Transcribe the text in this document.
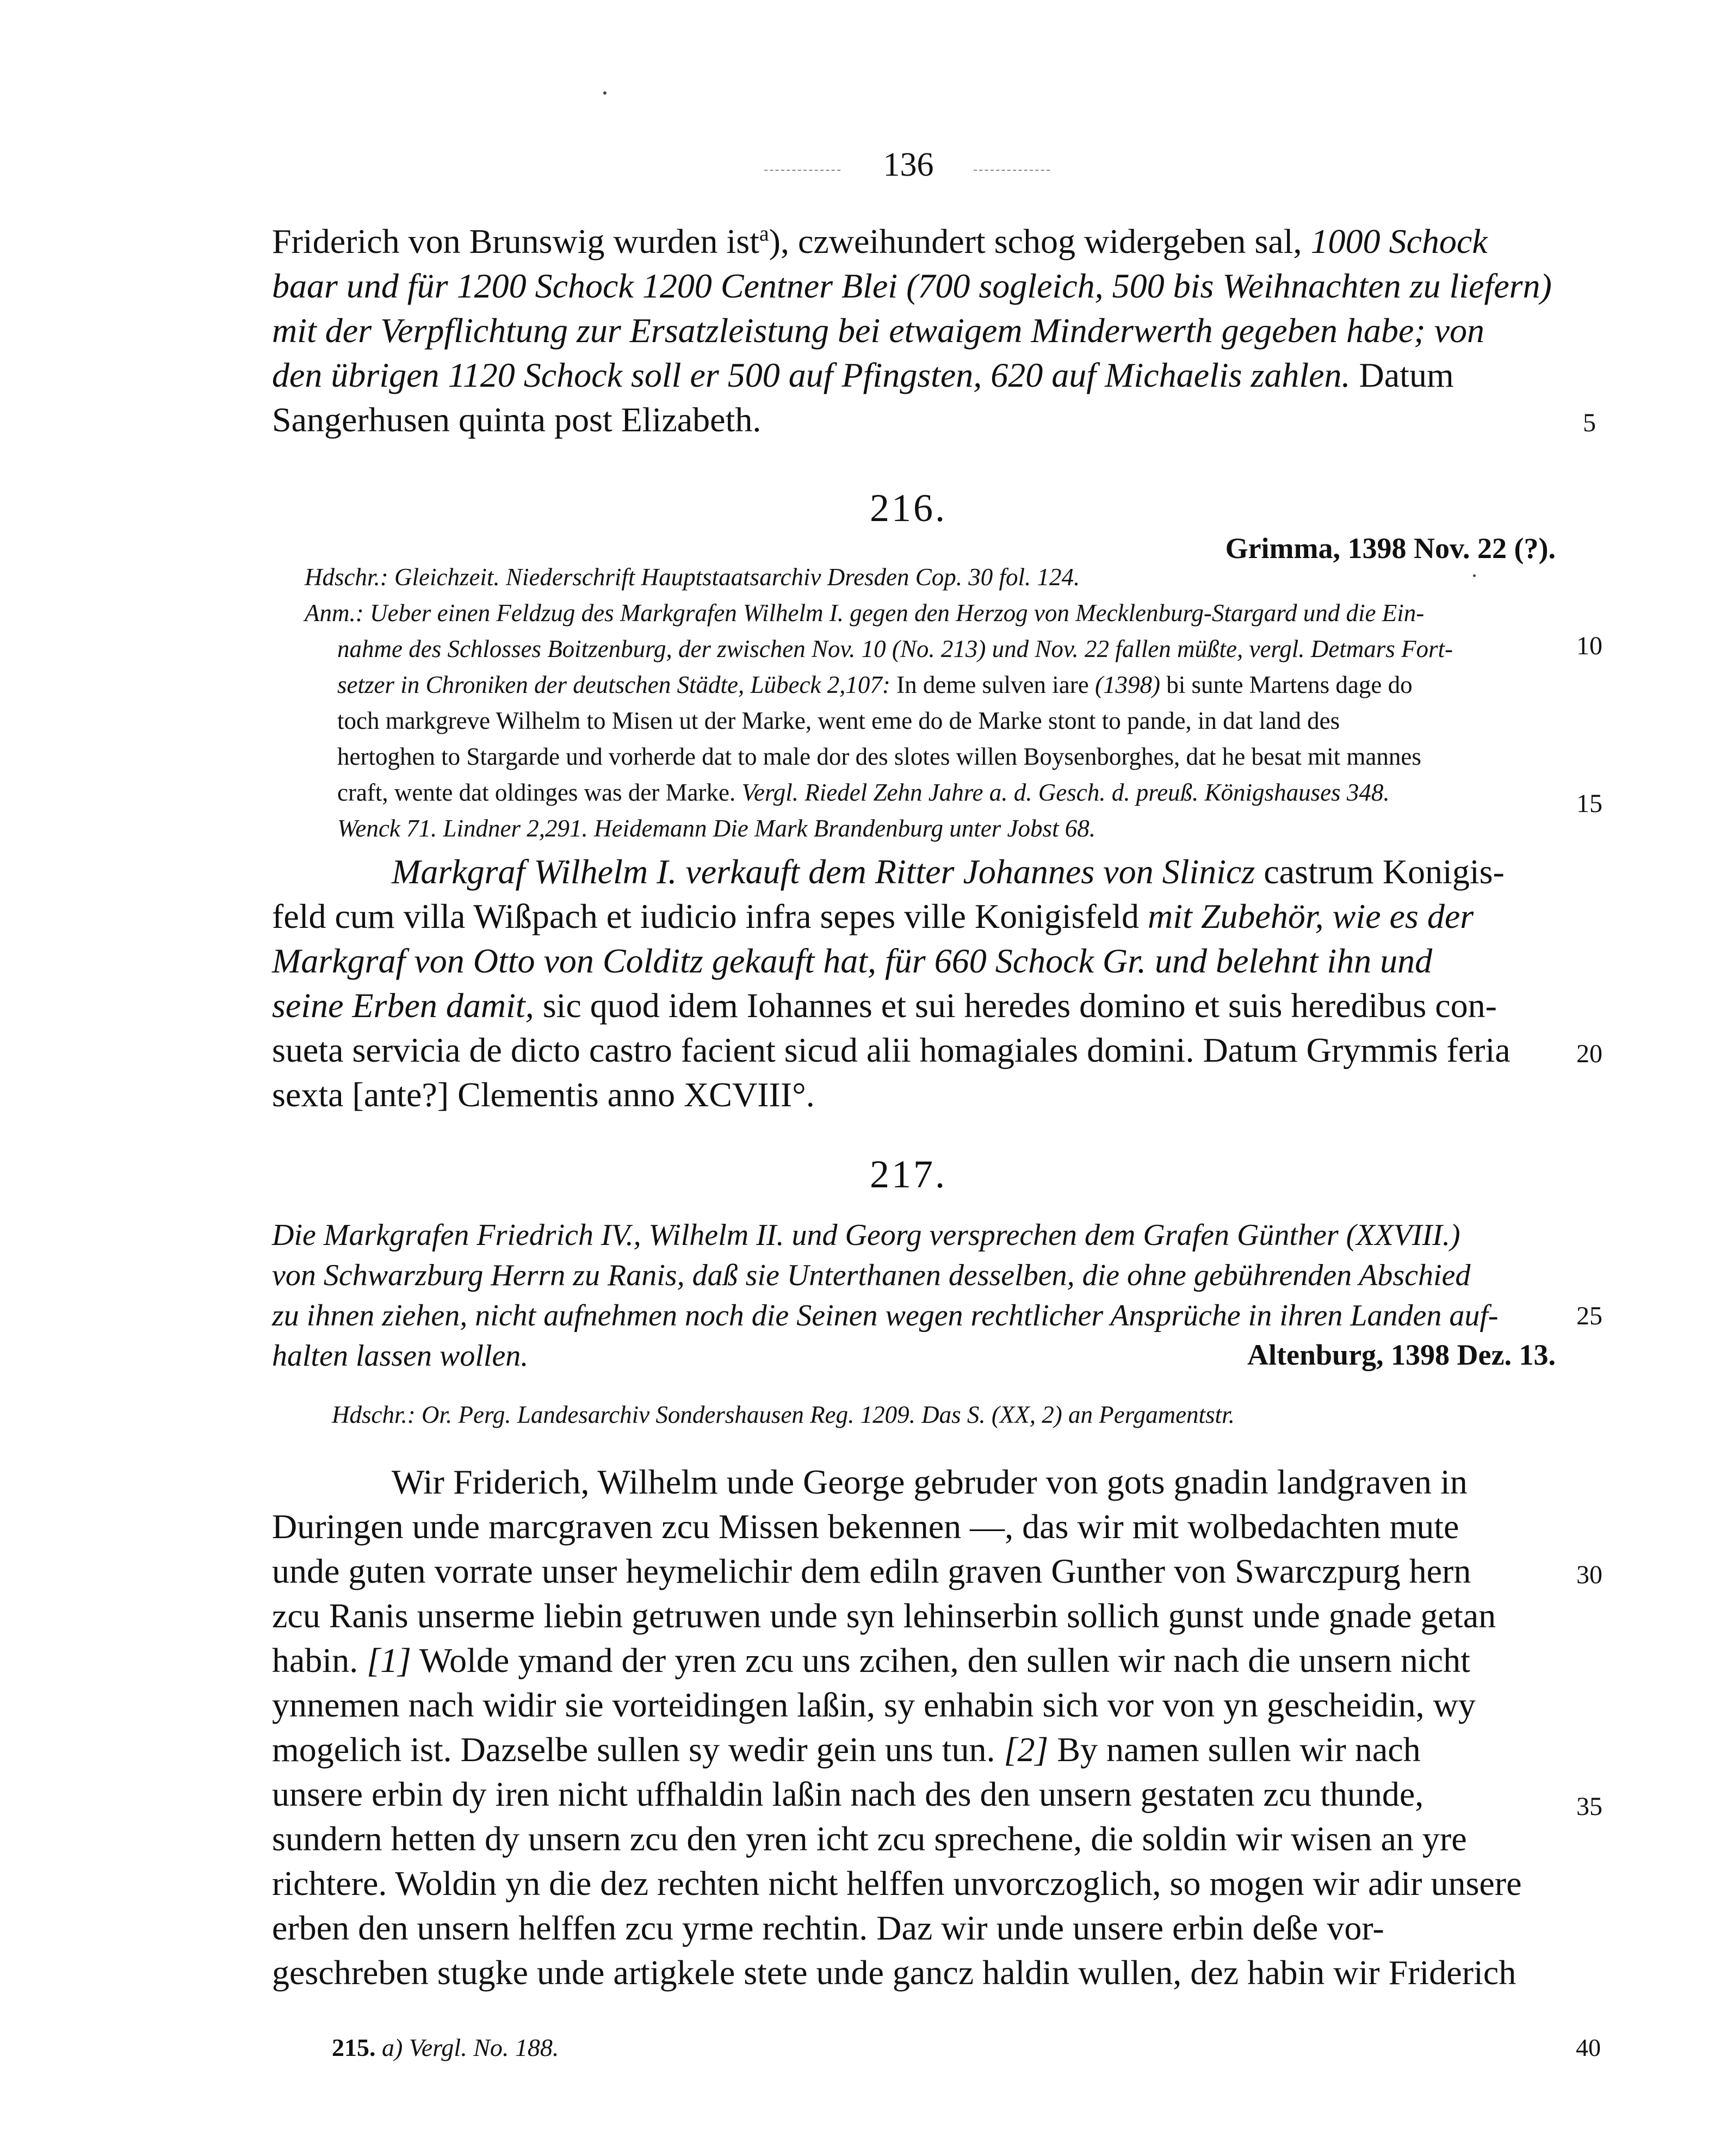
136

Friderich von Brunswig wurden ist$^a$), czweihundert schog widergeben sal, 1000 Schock

baar und für 1200 Schock 1200 Centner Blei (700 sogleich, 500 bis Weihnachten zu liefern)

mit der Verpflichtung zur Ersatzleistung bei etwaigem Minderwerth gegeben habe; von

den übrigen 1120 Schock soll er 500 auf Pfingsten, 620 auf Michaelis zahlen. Datum

Sangerhusen quinta post Elizabeth.

216.
Grimma, 1398 Nov. 22 (?).

Hdschr.: Gleichzeit. Niederschrift Hauptstaatsarchiv Dresden Cop. 30 fol. 124.

Anm.: Ueber einen Feldzug des Markgrafen Wilhelm I. gegen den Herzog von Mecklenburg-Stargard und die Ein-

nahme des Schlosses Boitzenburg, der zwischen Nov. 10 (No. 213) und Nov. 22 fallen müßte, vergl. Detmars Fort-

setzer in Chroniken der deutschen Städte, Lübeck 2,107: In deme sulven iare (1398) bi sunte Martens dage do

toch markgreve Wilhelm to Misen ut der Marke, went eme do de Marke stont to pande, in dat land des

hertoghen to Stargarde und vorherde dat to male dor des slotes willen Boysenborghes, dat he besat mit mannes

craft, wente dat oldinges was der Marke. Vergl. Riedel Zehn Jahre a. d. Gesch. d. preuß. Königshauses 348.

Wenck 71. Lindner 2,291. Heidemann Die Mark Brandenburg unter Jobst 68.

Markgraf Wilhelm I. verkauft dem Ritter Johannes von Slinicz castrum Konigis-

feld cum villa Wißpach et iudicio infra sepes ville Konigisfeld mit Zubehör, wie es der

Markgraf von Otto von Colditz gekauft hat, für 660 Schock Gr. und belehnt ihn und

seine Erben damit, sic quod idem Iohannes et sui heredes domino et suis heredibus con-

sueta servicia de dicto castro facient sicud alii homagiales domini. Datum Grymmis feria

sexta [ante?] Clementis anno XCVIII°.

217.

Die Markgrafen Friedrich IV., Wilhelm II. und Georg versprechen dem Grafen Günther (XXVIII.)

von Schwarzburg Herrn zu Ranis, daß sie Unterthanen desselben, die ohne gebührenden Abschied

zu ihnen ziehen, nicht aufnehmen noch die Seinen wegen rechtlicher Ansprüche in ihren Landen auf-

halten lassen wollen.	Altenburg, 1398 Dez. 13.

Hdschr.: Or. Perg. Landesarchiv Sondershausen Reg. 1209. Das S. (XX, 2) an Pergamentstr.

Wir Friderich, Wilhelm unde George gebruder von gots gnadin landgraven in

Duringen unde marcgraven zcu Missen bekennen —, das wir mit wolbedachten mute

unde guten vorrate unser heymelichir dem ediln graven Gunther von Swarczpurg hern

zcu Ranis unserme liebin getruwen unde syn lehinserbin sollich gunst unde gnade getan

habin. [1] Wolde ymand der yren zcu uns zcihen, den sullen wir nach die unsern nicht

ynnemen nach widir sie vorteidingen laßin, sy enhabin sich vor von yn gescheidin, wy

mogelich ist. Dazselbe sullen sy wedir gein uns tun. [2] By namen sullen wir nach

unsere erbin dy iren nicht uffhaldin laßin nach des den unsern gestaten zcu thunde,

sundern hetten dy unsern zcu den yren icht zcu sprechene, die soldin wir wisen an yre

richtere. Woldin yn die dez rechten nicht helffen unvorczoglich, so mogen wir adir unsere

erben den unsern helffen zcu yrme rechtin. Daz wir unde unsere erbin deße vor-

geschreben stugke unde artigkele stete unde gancz haldin wullen, dez habin wir Friderich

5
10
15
20
25
30
35
215. a) Vergl. No. 188.	40
